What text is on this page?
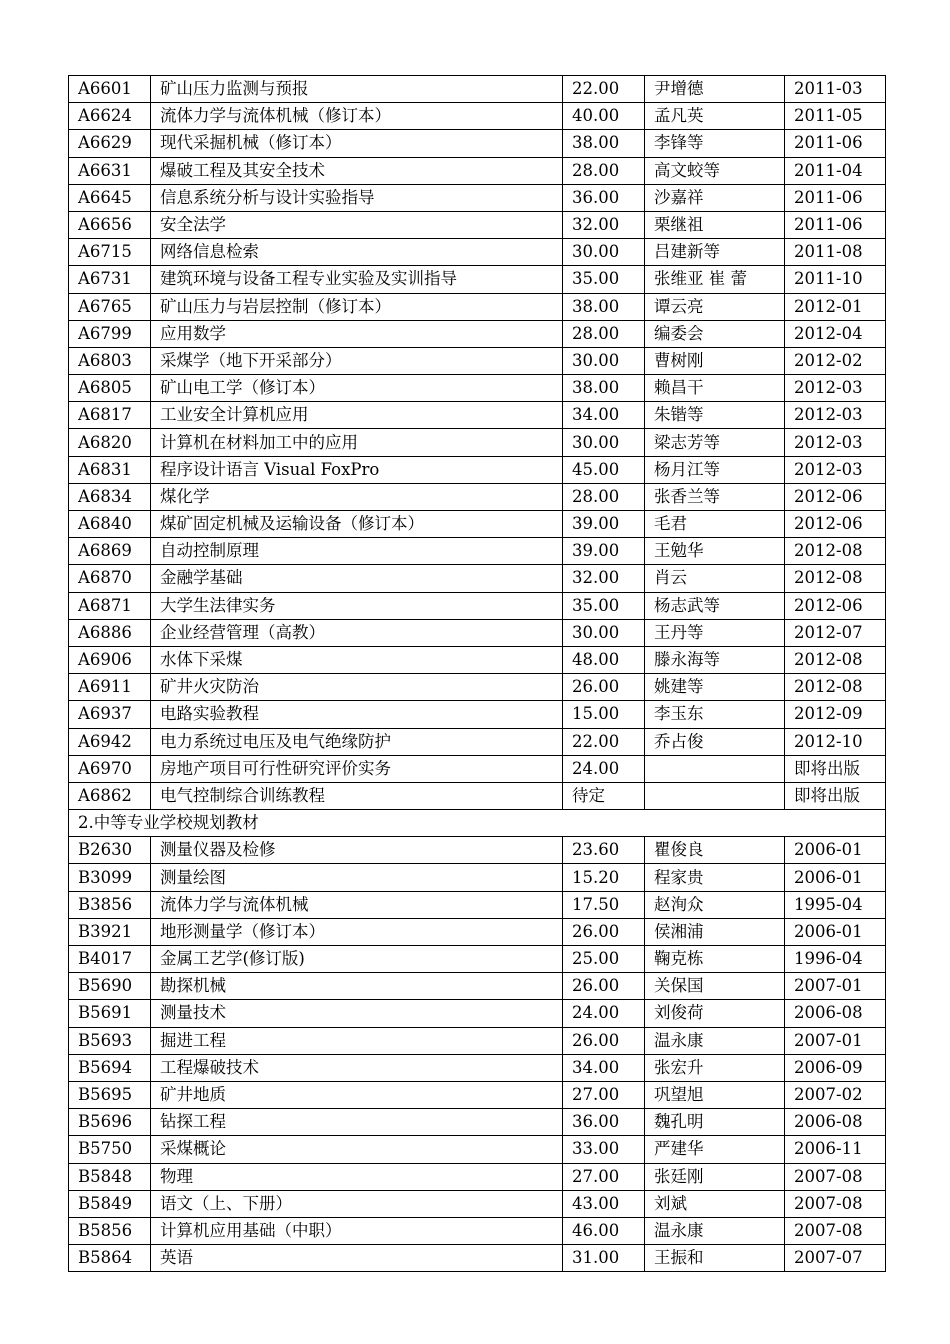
A6601	矿山压力监测与预报	22.00	尹增德	2011-03
A6624	流体力学与流体机械（修订本）	40.00	孟凡英	2011-05
A6629	现代采掘机械（修订本）	38.00	李锋等	2011-06
A6631	爆破工程及其安全技术	28.00	高文蛟等	2011-04
A6645	信息系统分析与设计实验指导	36.00	沙嘉祥	2011-06
A6656	安全法学	32.00	栗继祖	2011-06
A6715	网络信息检索	30.00	吕建新等	2011-08
A6731	建筑环境与设备工程专业实验及实训指导	35.00	张维亚 崔 蕾	2011-10
A6765	矿山压力与岩层控制（修订本）	38.00	谭云亮	2012-01
A6799	应用数学	28.00	编委会	2012-04
A6803	采煤学（地下开采部分）	30.00	曹树刚	2012-02
A6805	矿山电工学（修订本）	38.00	赖昌干	2012-03
A6817	工业安全计算机应用	34.00	朱锴等	2012-03
A6820	计算机在材料加工中的应用	30.00	梁志芳等	2012-03
A6831	程序设计语言 Visual FoxPro	45.00	杨月江等	2012-03
A6834	煤化学	28.00	张香兰等	2012-06
A6840	煤矿固定机械及运输设备（修订本）	39.00	毛君	2012-06
A6869	自动控制原理	39.00	王勉华	2012-08
A6870	金融学基础	32.00	肖云	2012-08
A6871	大学生法律实务	35.00	杨志武等	2012-06
A6886	企业经营管理（高教）	30.00	王丹等	2012-07
A6906	水体下采煤	48.00	滕永海等	2012-08
A6911	矿井火灾防治	26.00	姚建等	2012-08
A6937	电路实验教程	15.00	李玉东	2012-09
A6942	电力系统过电压及电气绝缘防护	22.00	乔占俊	2012-10
A6970	房地产项目可行性研究评价实务	24.00		即将出版
A6862	电气控制综合训练教程	待定		即将出版
2.中等专业学校规划教材				
B2630	测量仪器及检修	23.60	瞿俊良	2006-01
B3099	测量绘图	15.20	程家贵	2006-01
B3856	流体力学与流体机械	17.50	赵洵众	1995-04
B3921	地形测量学（修订本）	26.00	侯湘浦	2006-01
B4017	金属工艺学(修订版)	25.00	鞠克栋	1996-04
B5690	勘探机械	26.00	关保国	2007-01
B5691	测量技术	24.00	刘俊荷	2006-08
B5693	掘进工程	26.00	温永康	2007-01
B5694	工程爆破技术	34.00	张宏升	2006-09
B5695	矿井地质	27.00	巩望旭	2007-02
B5696	钻探工程	36.00	魏孔明	2006-08
B5750	采煤概论	33.00	严建华	2006-11
B5848	物理	27.00	张廷刚	2007-08
B5849	语文（上、下册）	43.00	刘斌	2007-08
B5856	计算机应用基础（中职）	46.00	温永康	2007-08
B5864	英语	31.00	王振和	2007-07
